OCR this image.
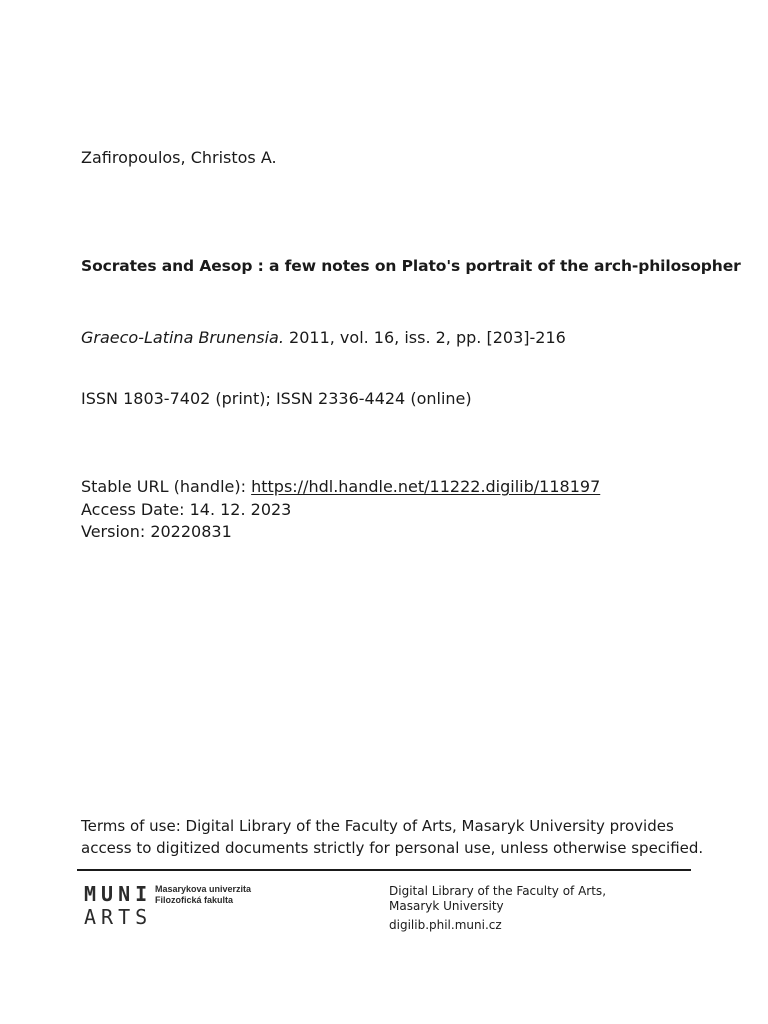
Zafiropoulos, Christos A.
Socrates and Aesop : a few notes on Plato's portrait of the arch-philosopher
Graeco-Latina Brunensia. 2011, vol. 16, iss. 2, pp. [203]-216
ISSN 1803-7402 (print); ISSN 2336-4424 (online)
Stable URL (handle): https://hdl.handle.net/11222.digilib/118197
Access Date: 14. 12. 2023
Version: 20220831
Terms of use: Digital Library of the Faculty of Arts, Masaryk University provides
access to digitized documents strictly for personal use, unless otherwise specified.
MUNI
ARTS
Masarykova univerzita
Filozofická fakulta
Digital Library of the Faculty of Arts,
Masaryk University
digilib.phil.muni.cz
